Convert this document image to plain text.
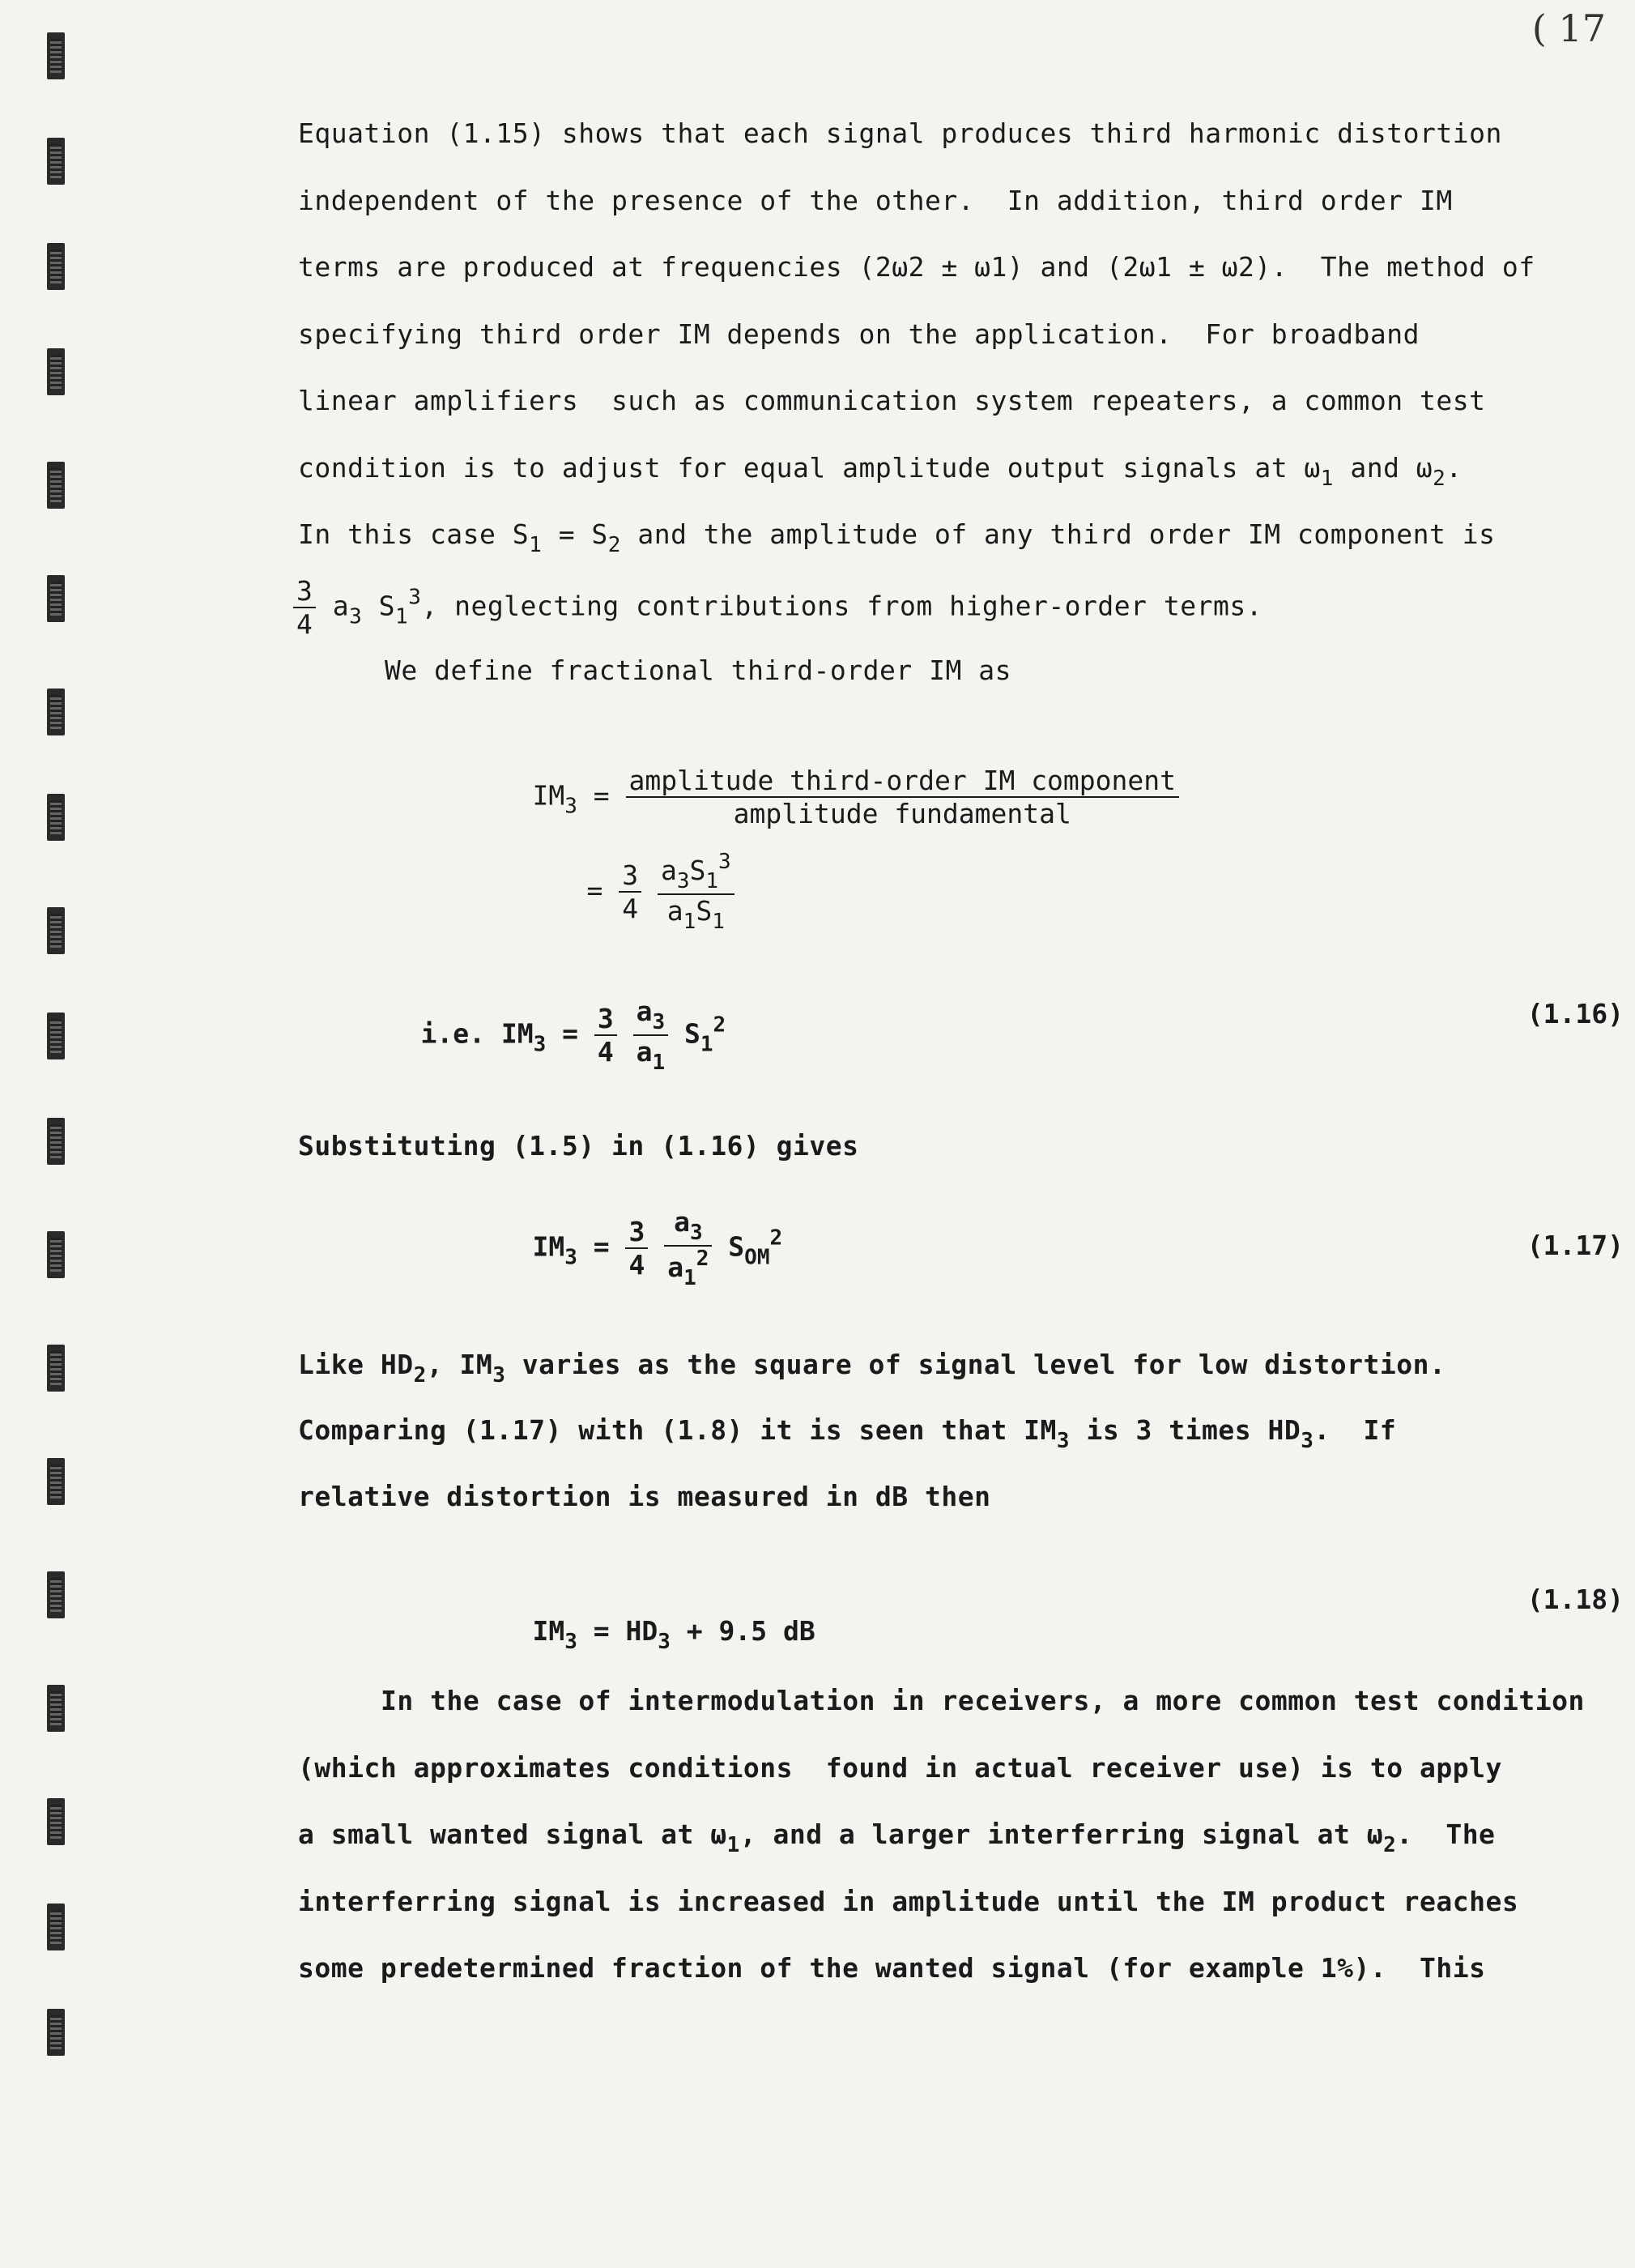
( 17
Equation (1.15) shows that each signal produces third harmonic distortion
independent of the presence of the other.  In addition, third order IM
terms are produced at frequencies (2ω2 ± ω1) and (2ω1 ± ω2).  The method of
specifying third order IM depends on the application.  For broadband
linear amplifiers  such as communication system repeaters, a common test
condition is to adjust for equal amplitude output signals at $\omega_1$ and $\omega_2$.
In this case $S_1 = S_2$ and the amplitude of any third order IM component is
$\frac{3}{4} a_3$ $S_1^3$, neglecting contributions from higher-order terms.
We define fractional third-order IM as

$IM_3 = \frac{\text{amplitude third-order IM component}}{\text{amplitude fundamental}}$

= $\frac{3}{4}$
$\frac{a_3S_1^3}{a_1S_1}$

i.e. $IM_3 = \frac{3}{4}$
$\frac{a_3}{a_1} S_1^2$
	(1.16)
Substituting (1.5) in (1.16) gives

$IM_3 = \frac{3}{4}$
$\frac{a_3}{a_1^2} S_{OM}^2$
	(1.17)
Like $HD_2$, $IM_3$ varies as the square of signal level for low distortion.
Comparing (1.17) with (1.8) it is seen that $IM_3$ is 3 times $HD_3$.  If
relative distortion is measured in dB then

$IM_3 = HD_3 + 9.5$ dB

(1.18)
In the case of intermodulation in receivers, a more common test condition
(which approximates conditions  found in actual receiver use) is to apply
a small wanted signal at $\omega_1$, and a larger interferring signal at $\omega_2$.  The
interferring signal is increased in amplitude until the IM product reaches
some predetermined fraction of the wanted signal (for example 1%).  This
